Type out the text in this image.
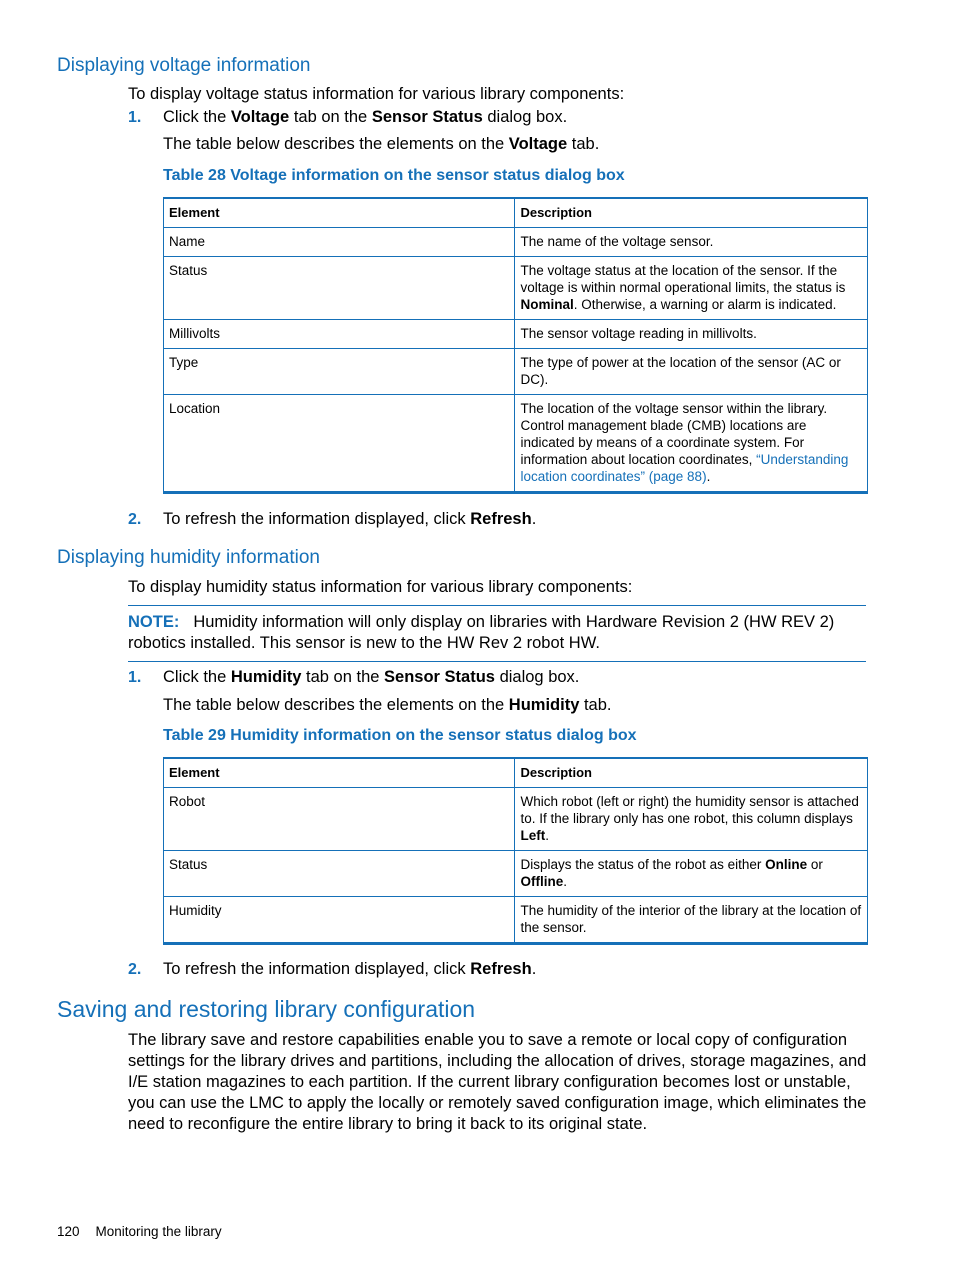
Displaying voltage information
To display voltage status information for various library components:
1. Click the Voltage tab on the Sensor Status dialog box.
The table below describes the elements on the Voltage tab.
Table 28 Voltage information on the sensor status dialog box
Element	Description
Name	The name of the voltage sensor.
Status	The voltage status at the location of the sensor. If the voltage is within normal operational limits, the status is Nominal. Otherwise, a warning or alarm is indicated.
Millivolts	The sensor voltage reading in millivolts.
Type	The type of power at the location of the sensor (AC or DC).
Location	The location of the voltage sensor within the library. Control management blade (CMB) locations are indicated by means of a coordinate system. For information about location coordinates, “Understanding location coordinates” (page 88).
2. To refresh the information displayed, click Refresh.
Displaying humidity information
To display humidity status information for various library components:
NOTE: Humidity information will only display on libraries with Hardware Revision 2 (HW REV 2) robotics installed. This sensor is new to the HW Rev 2 robot HW.
1. Click the Humidity tab on the Sensor Status dialog box.
The table below describes the elements on the Humidity tab.
Table 29 Humidity information on the sensor status dialog box
Element	Description
Robot	Which robot (left or right) the humidity sensor is attached to. If the library only has one robot, this column displays Left.
Status	Displays the status of the robot as either Online or Offline.
Humidity	The humidity of the interior of the library at the location of the sensor.
2. To refresh the information displayed, click Refresh.
Saving and restoring library configuration
The library save and restore capabilities enable you to save a remote or local copy of configuration settings for the library drives and partitions, including the allocation of drives, storage magazines, and I/E station magazines to each partition. If the current library configuration becomes lost or unstable, you can use the LMC to apply the locally or remotely saved configuration image, which eliminates the need to reconfigure the entire library to bring it back to its original state.
120 Monitoring the library
